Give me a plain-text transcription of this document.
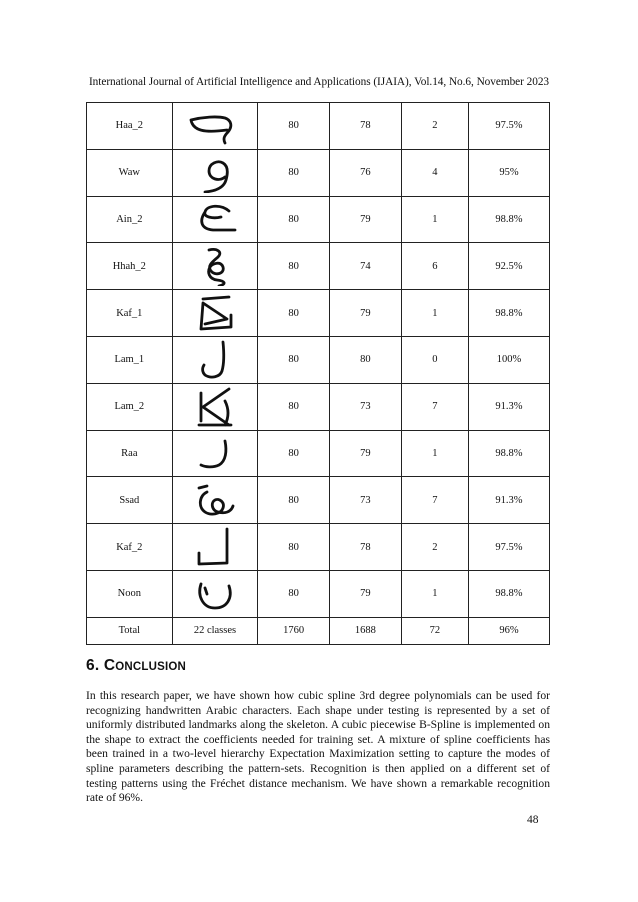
International Journal of Artificial Intelligence and Applications (IJAIA), Vol.14, No.6, November 2023
Haa_2		80	78	2	97.5%
Waw		80	76	4	95%
Ain_2		80	79	1	98.8%
Hhah_2		80	74	6	92.5%
Kaf_1		80	79	1	98.8%
Lam_1		80	80	0	100%
Lam_2		80	73	7	91.3%
Raa		80	79	1	98.8%
Ssad		80	73	7	91.3%
Kaf_2		80	78	2	97.5%
Noon		80	79	1	98.8%
Total	22 classes	1760	1688	72	96%
6. CONCLUSION

In this research paper, we have shown how cubic spline 3rd degree polynomials can be used for recognizing handwritten Arabic characters. Each shape under testing is represented by a set of uniformly distributed landmarks along the skeleton. A cubic piecewise B-Spline is implemented on the shape to extract the coefficients needed for training set. A mixture of spline coefficients has been trained in a two-level hierarchy Expectation Maximization setting to capture the modes of spline parameters describing the pattern-sets. Recognition is then applied on a different set of testing patterns using the Fréchet distance mechanism. We have shown a remarkable recognition rate of 96%.

48
